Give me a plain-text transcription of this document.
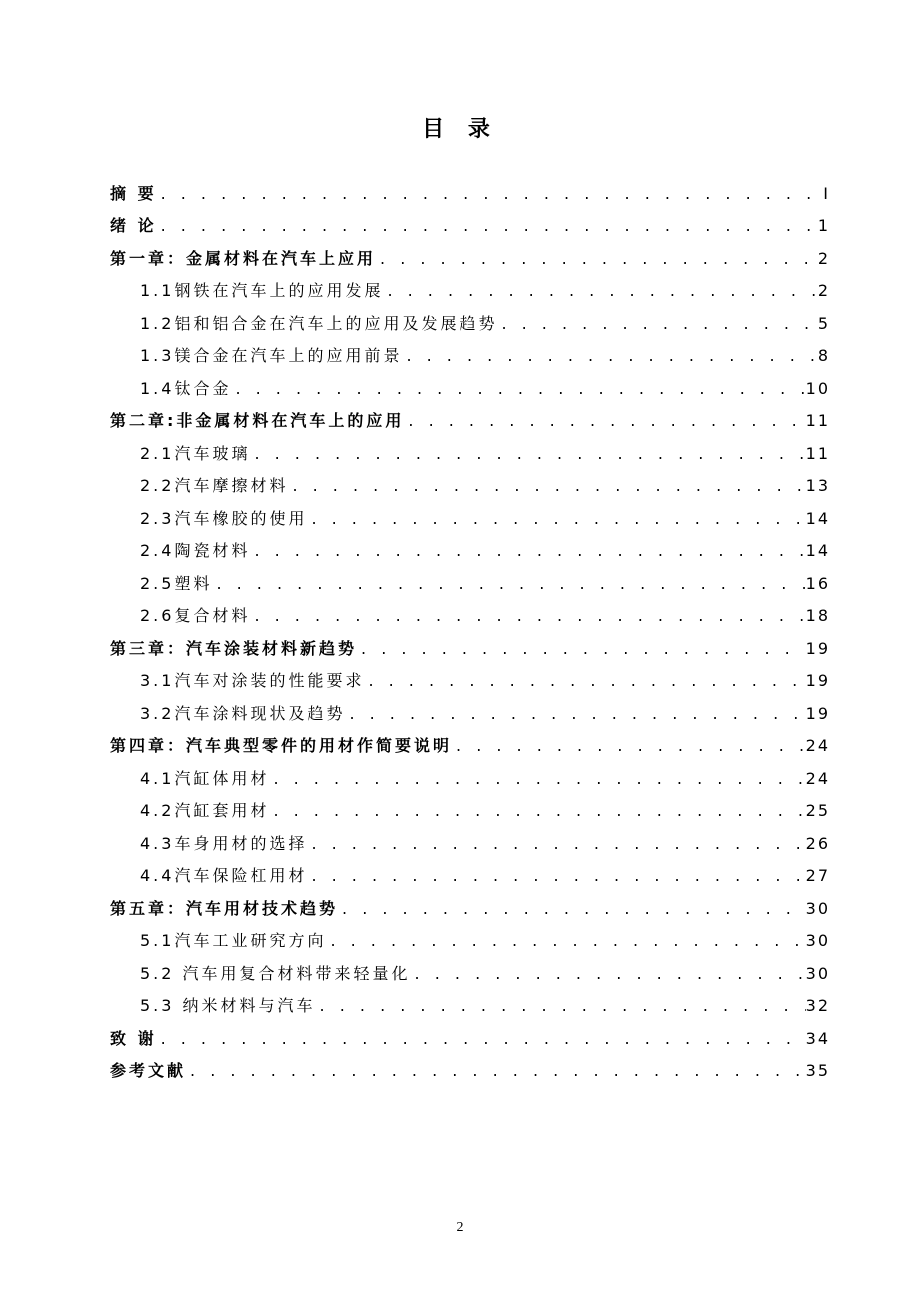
目 录
摘 要 . . .	I
绪 论 . . .	1
第一章：金属材料在汽车上应用 . . .	2
1.1钢铁在汽车上的应用发展 . . .	2
1.2铝和铝合金在汽车上的应用及发展趋势 . . .	5
1.3镁合金在汽车上的应用前景 . . .	8
1.4钛合金 . . .	10
第二章:非金属材料在汽车上的应用 . . .	11
2.1汽车玻璃 . . .	11
2.2汽车摩擦材料 . . .	13
2.3汽车橡胶的使用 . . .	14
2.4陶瓷材料 . . .	14
2.5塑料 . . .	16
2.6复合材料 . . .	18
第三章：汽车涂装材料新趋势 . . .	19
3.1汽车对涂装的性能要求 . . .	19
3.2汽车涂料现状及趋势 . . .	19
第四章：汽车典型零件的用材作简要说明 . . .	24
4.1汽缸体用材 . . .	24
4.2汽缸套用材 . . .	25
4.3车身用材的选择 . . .	26
4.4汽车保险杠用材 . . .	27
第五章：汽车用材技术趋势 . . .	30
5.1汽车工业研究方向 . . .	30
5.2 汽车用复合材料带来轻量化 . . .	30
5.3 纳米材料与汽车 . . .	32
致 谢 . . .	34
参考文献 . . .	35
2
